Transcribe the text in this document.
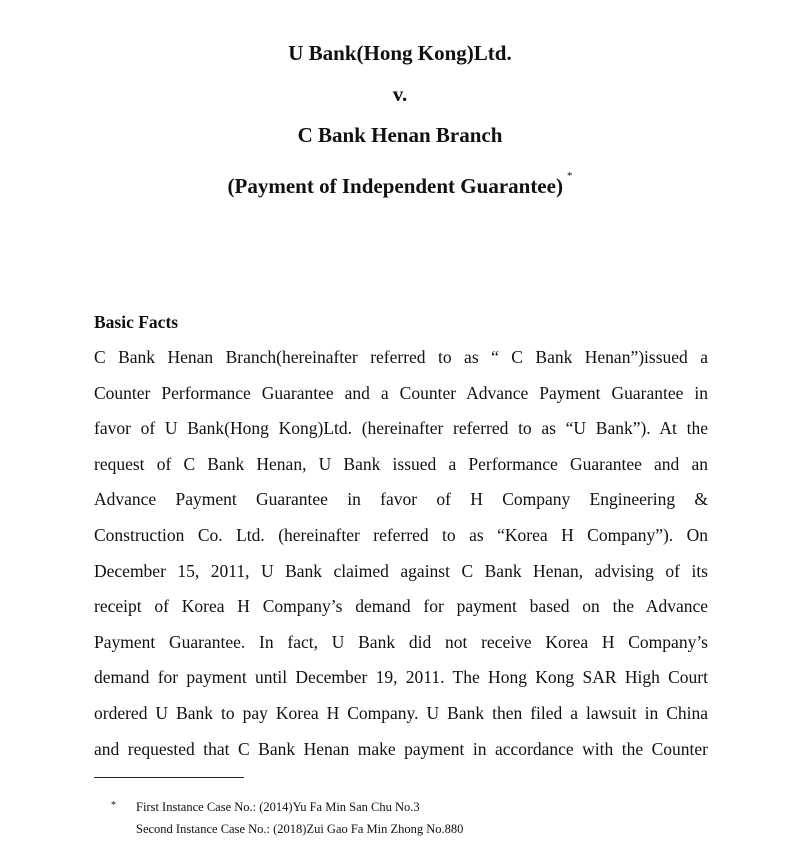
U Bank(Hong Kong)Ltd.
v.
C Bank Henan Branch
(Payment of Independent Guarantee) *
Basic Facts
C Bank Henan Branch(hereinafter referred to as “ C Bank Henan”)issued a
Counter Performance Guarantee and a Counter Advance Payment Guarantee in
favor of U Bank(Hong Kong)Ltd. (hereinafter referred to as “U Bank”). At the
request of C Bank Henan, U Bank issued a Performance Guarantee and an
Advance Payment Guarantee in favor of H Company Engineering &
Construction Co. Ltd. (hereinafter referred to as “Korea H Company”). On
December 15, 2011, U Bank claimed against C Bank Henan, advising of its
receipt of Korea H Company’s demand for payment based on the Advance
Payment Guarantee. In fact, U Bank did not receive Korea H Company’s
demand for payment until December 19, 2011. The Hong Kong SAR High Court
ordered U Bank to pay Korea H Company. U Bank then filed a lawsuit in China
and requested that C Bank Henan make payment in accordance with the Counter
* First Instance Case No.: (2014)Yu Fa Min San Chu No.3
Second Instance Case No.: (2018)Zui Gao Fa Min Zhong No.880
